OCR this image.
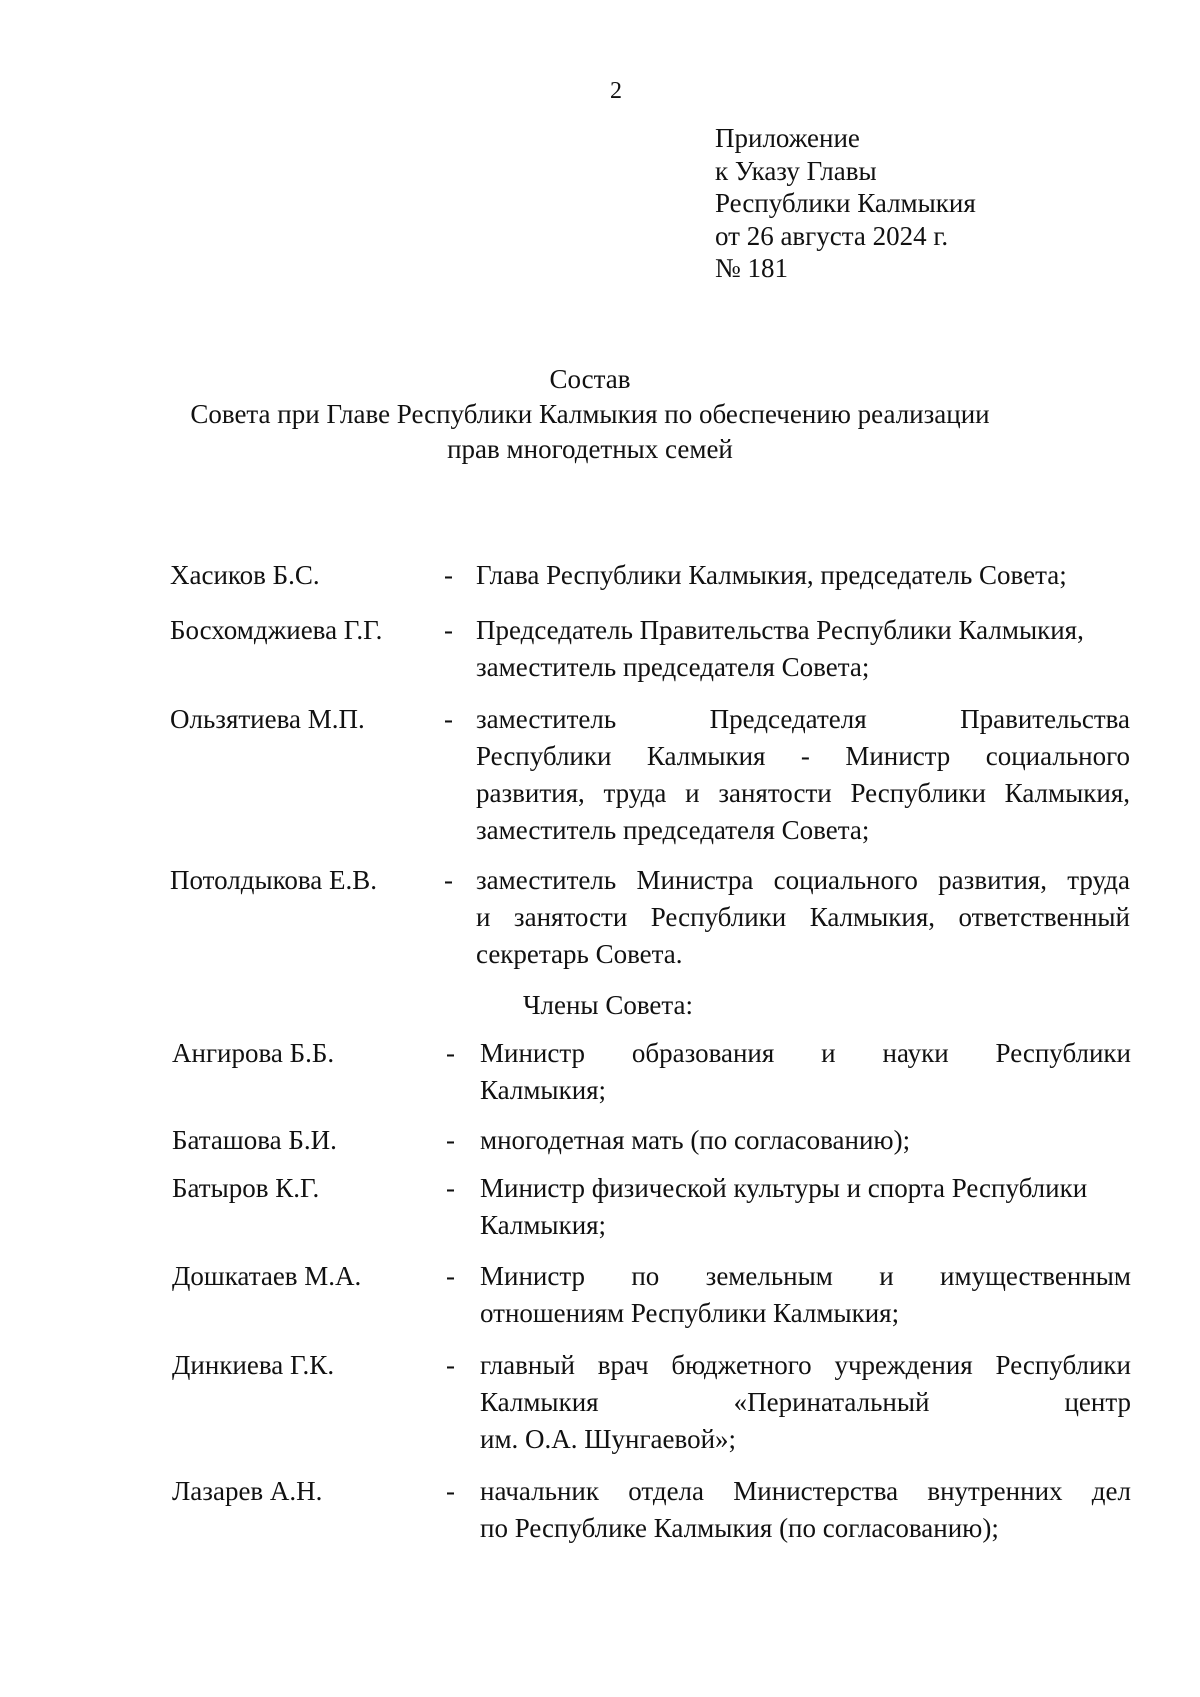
2
Приложение
к Указу Главы
Республики Калмыкия
от 26 августа 2024 г.
№ 181
Состав
Совета при Главе Республики Калмыкия по обеспечению реализации
прав многодетных семей
Хасиков Б.С.	- Глава Республики Калмыкия, председатель Совета;
Босхомджиева Г.Г. - Председатель Правительства Республики Калмыкия,
заместитель председателя Совета;
Ользятиева М.П.	- заместитель Председателя Правительства
Республики Калмыкия - Министр социального
развития, труда и занятости Республики Калмыкия,
заместитель председателя Совета;
Потолдыкова Е.В. - заместитель Министра социального развития, труда
и занятости Республики Калмыкия, ответственный
секретарь Совета.
Члены Совета:
Ангирова Б.Б.	- Министр образования и науки Республики
Калмыкия;
Баташова Б.И.	- многодетная мать (по согласованию);
Батыров К.Г.	- Министр физической культуры и спорта Республики
Калмыкия;
Дошкатаев М.А.	- Министр по земельным и имущественным
отношениям Республики Калмыкия;
Динкиева Г.К.	- главный врач бюджетного учреждения Республики
Калмыкия «Перинатальный центр
им. О.А. Шунгаевой»;
Лазарев А.Н.	- начальник отдела Министерства внутренних дел
по Республике Калмыкия (по согласованию);
